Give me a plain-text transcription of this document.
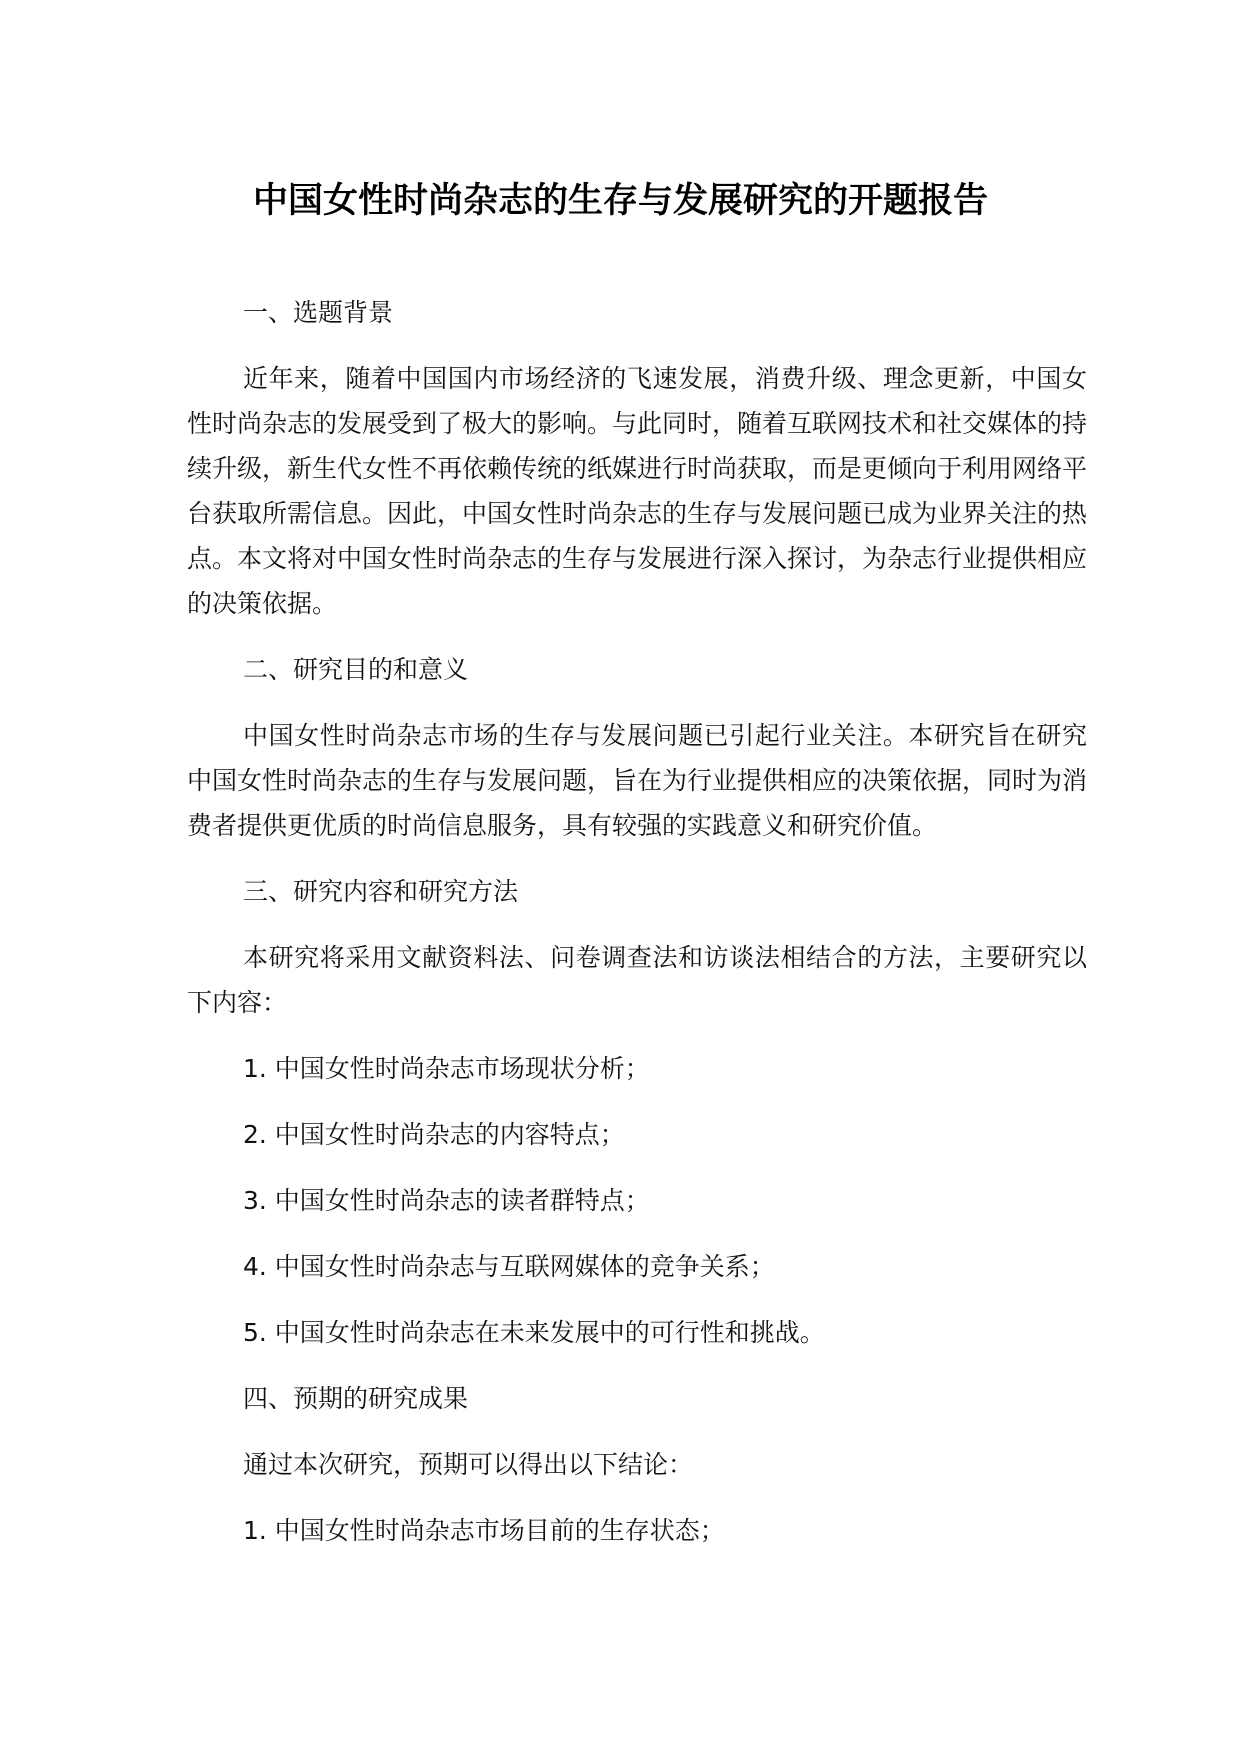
中国女性时尚杂志的生存与发展研究的开题报告
一、选题背景
近年来，随着中国国内市场经济的飞速发展，消费升级、理念更新，中国女性时尚杂志的发展受到了极大的影响。与此同时，随着互联网技术和社交媒体的持续升级，新生代女性不再依赖传统的纸媒进行时尚获取，而是更倾向于利用网络平台获取所需信息。因此，中国女性时尚杂志的生存与发展问题已成为业界关注的热点。本文将对中国女性时尚杂志的生存与发展进行深入探讨，为杂志行业提供相应的决策依据。
二、研究目的和意义
中国女性时尚杂志市场的生存与发展问题已引起行业关注。本研究旨在研究中国女性时尚杂志的生存与发展问题，旨在为行业提供相应的决策依据，同时为消费者提供更优质的时尚信息服务，具有较强的实践意义和研究价值。
三、研究内容和研究方法
本研究将采用文献资料法、问卷调查法和访谈法相结合的方法，主要研究以下内容：
1. 中国女性时尚杂志市场现状分析；
2. 中国女性时尚杂志的内容特点；
3. 中国女性时尚杂志的读者群特点；
4. 中国女性时尚杂志与互联网媒体的竞争关系；
5. 中国女性时尚杂志在未来发展中的可行性和挑战。
四、预期的研究成果
通过本次研究，预期可以得出以下结论：
1. 中国女性时尚杂志市场目前的生存状态；
